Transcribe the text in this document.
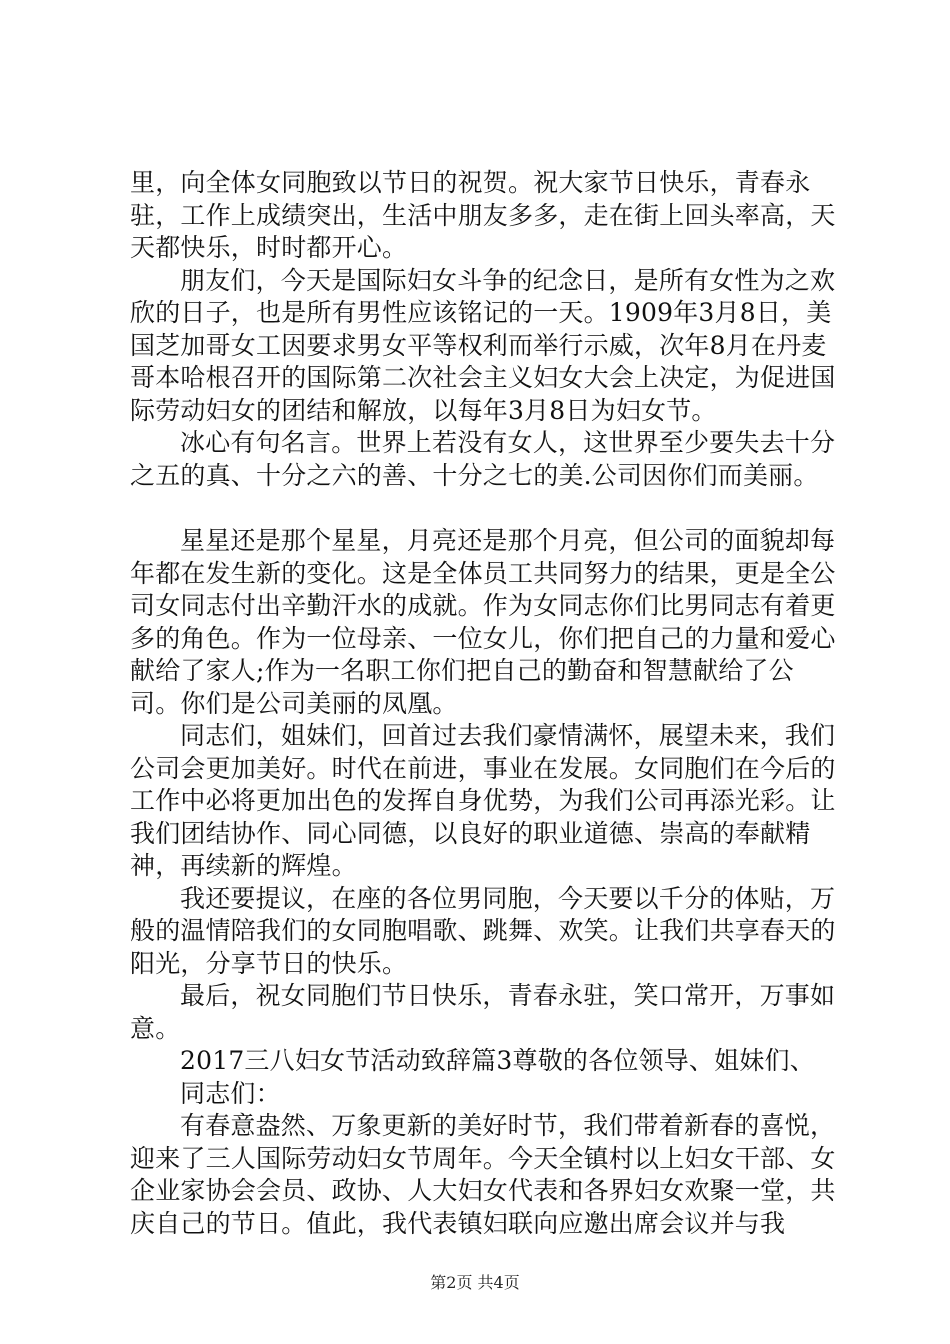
里，向全体女同胞致以节日的祝贺。祝大家节日快乐，青春永驻，工作上成绩突出，生活中朋友多多，走在街上回头率高，天天都快乐，时时都开心。

朋友们，今天是国际妇女斗争的纪念日，是所有女性为之欢欣的日子，也是所有男性应该铭记的一天。1909年3月8日，美国芝加哥女工因要求男女平等权利而举行示威，次年8月在丹麦哥本哈根召开的国际第二次社会主义妇女大会上决定，为促进国际劳动妇女的团结和解放，以每年3月8日为妇女节。

冰心有句名言。世界上若没有女人，这世界至少要失去十分之五的真、十分之六的善、十分之七的美.公司因你们而美丽。

星星还是那个星星，月亮还是那个月亮，但公司的面貌却每年都在发生新的变化。这是全体员工共同努力的结果，更是全公司女同志付出辛勤汗水的成就。作为女同志你们比男同志有着更多的角色。作为一位母亲、一位女儿，你们把自己的力量和爱心献给了家人;作为一名职工你们把自己的勤奋和智慧献给了公司。你们是公司美丽的凤凰。

同志们，姐妹们，回首过去我们豪情满怀，展望未来，我们公司会更加美好。时代在前进，事业在发展。女同胞们在今后的工作中必将更加出色的发挥自身优势，为我们公司再添光彩。让我们团结协作、同心同德，以良好的职业道德、崇高的奉献精神，再续新的辉煌。

我还要提议，在座的各位男同胞，今天要以千分的体贴，万般的温情陪我们的女同胞唱歌、跳舞、欢笑。让我们共享春天的阳光，分享节日的快乐。

最后，祝女同胞们节日快乐，青春永驻，笑口常开，万事如意。

2017三八妇女节活动致辞篇3尊敬的各位领导、姐妹们、

同志们：

有春意盎然、万象更新的美好时节，我们带着新春的喜悦，迎来了三人国际劳动妇女节周年。今天全镇村以上妇女干部、女企业家协会会员、政协、人大妇女代表和各界妇女欢聚一堂，共庆自己的节日。值此，我代表镇妇联向应邀出席会议并与我

第2页 共4页
